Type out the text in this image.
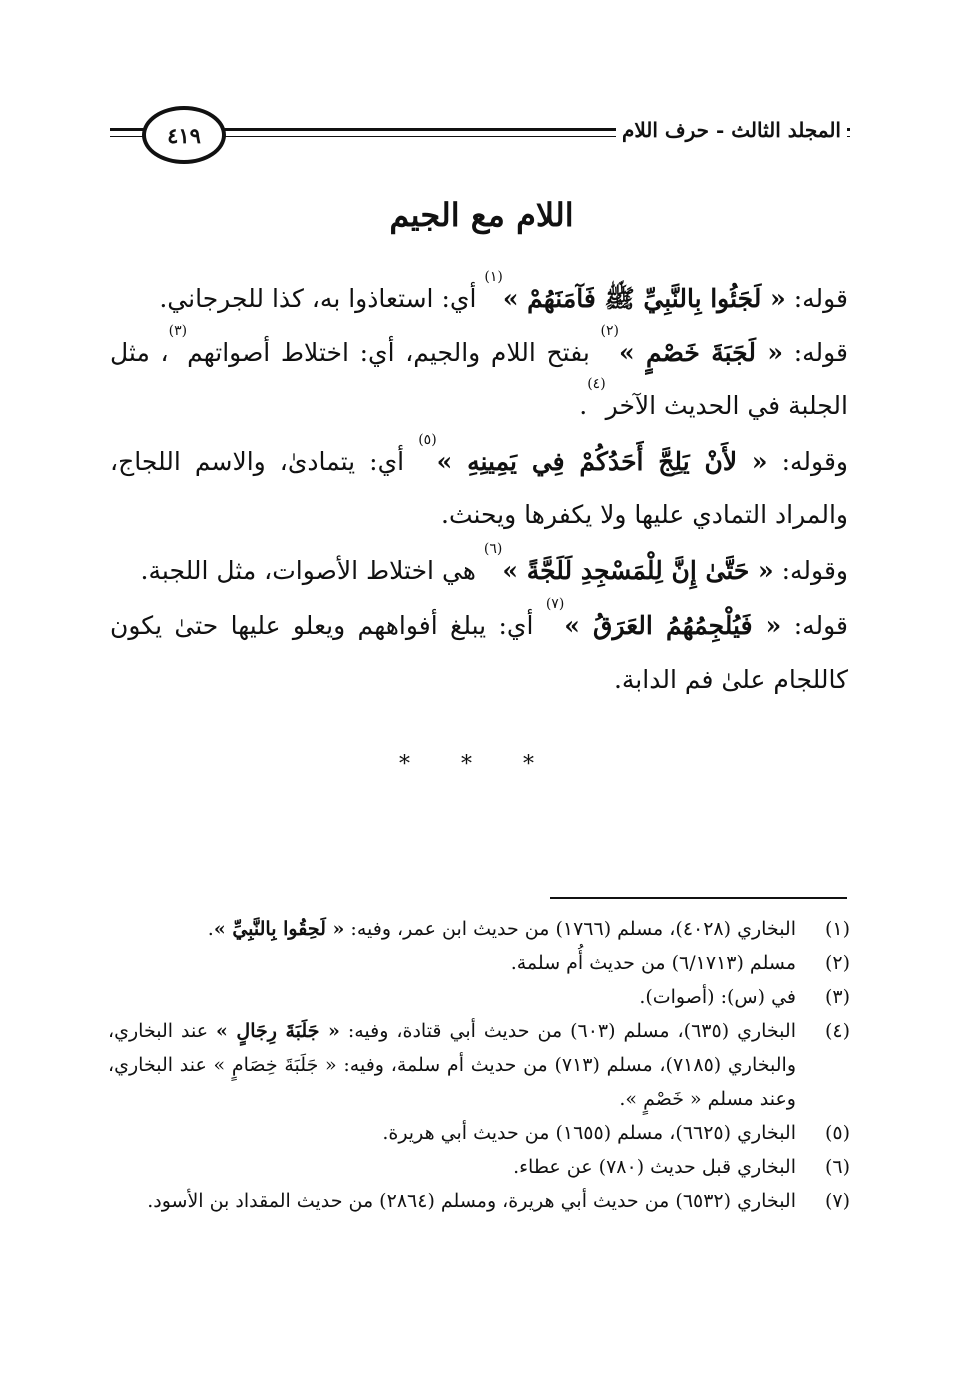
المجلد الثالث - حرف اللام
٤١٩
اللام مع الجيم

قوله: « لَجَئُوا بِالنَّبِيِّ ﷺ فَآمَنَهُمْ »$^{(١)}$ أي: استعاذوا به، كذا للجرجاني.

قوله: « لَجَبَةَ خَصْمٍ »$^{(٢)}$ بفتح اللام والجيم، أي: اختلاط أصواتهم$^{(٣)}$، مثل الجلبة في الحديث الآخر$^{(٤)}$.

وقوله: « لأَنْ يَلِجَّ أَحَدُكُمْ فِي يَمِينِهِ »$^{(٥)}$ أي: يتمادىٰ، والاسم اللجاج، والمراد التمادي عليها ولا يكفرها ويحنث.

وقوله: « حَتَّىٰ إِنَّ لِلْمَسْجِدِ لَلَجَّةً »$^{(٦)}$ هي اختلاط الأصوات، مثل اللجبة.

قوله: « فَيُلْجِمُهُمُ العَرَقُ »$^{(٧)}$ أي: يبلغ أفواههم ويعلو عليها حتىٰ يكون كاللجام علىٰ فم الدابة.

* * *
(١)
البخاري (٤٠٢٨)، مسلم (١٧٦٦) من حديث ابن عمر، وفيه: « لَحِقُوا بِالنَّبِيِّ ».
(٢)
مسلم (٦/١٧١٣) من حديث أُم سلمة.
(٣)
في (س): (أصوات).
(٤)
البخاري (٦٣٥)، مسلم (٦٠٣) من حديث أبي قتادة، وفيه: « جَلَبَةَ رِجَالٍ » عند البخاري، والبخاري (٧١٨٥)، مسلم (٧١٣) من حديث أم سلمة، وفيه: « جَلَبَةَ خِصَامٍ » عند البخاري، وعند مسلم « خَصْمٍ ».
(٥)
البخاري (٦٦٢٥)، مسلم (١٦٥٥) من حديث أبي هريرة.
(٦)
البخاري قبل حديث (٧٨٠) عن عطاء.
(٧)
البخاري (٦٥٣٢) من حديث أبي هريرة، ومسلم (٢٨٦٤) من حديث المقداد بن الأسود.
